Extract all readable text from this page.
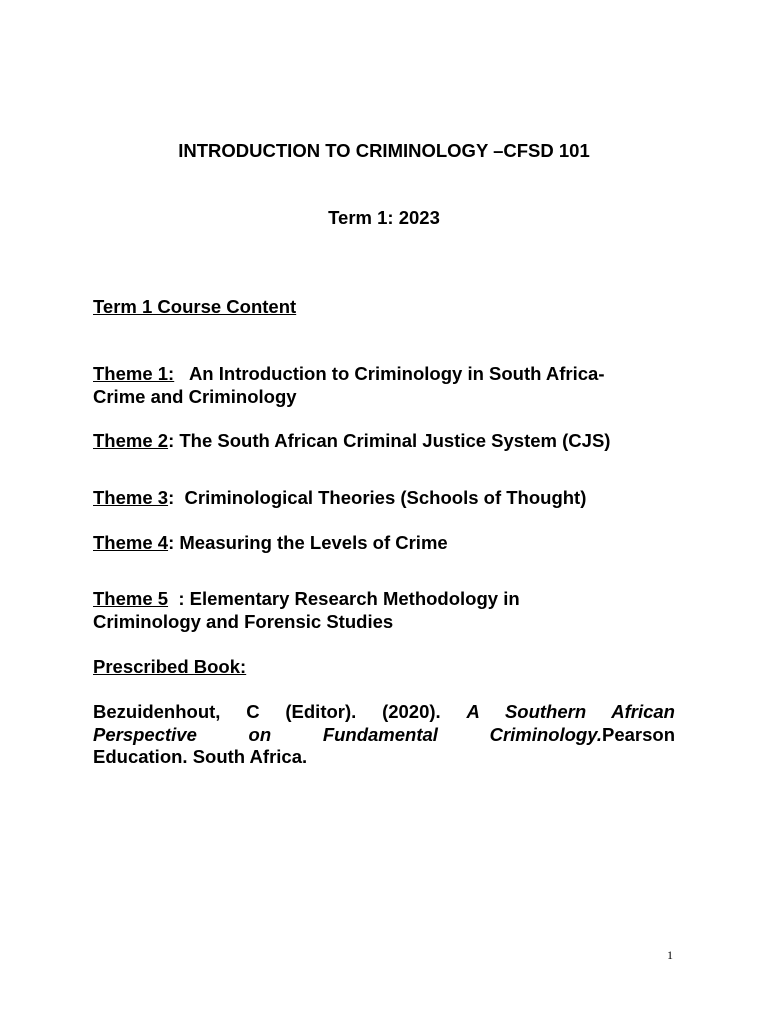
INTRODUCTION TO CRIMINOLOGY –CFSD 101
Term 1: 2023
Term 1 Course Content
Theme 1:   An Introduction to Criminology in South Africa-
Crime and Criminology
Theme 2: The South African Criminal Justice System (CJS)
Theme 3:  Criminological Theories (Schools of Thought)
Theme 4: Measuring the Levels of Crime
Theme 5  : Elementary Research Methodology in
Criminology and Forensic Studies
Prescribed Book:
Bezuidenhout, C (Editor). (2020). A Southern African
Perspective on Fundamental Criminology.Pearson
Education. South Africa.
1
